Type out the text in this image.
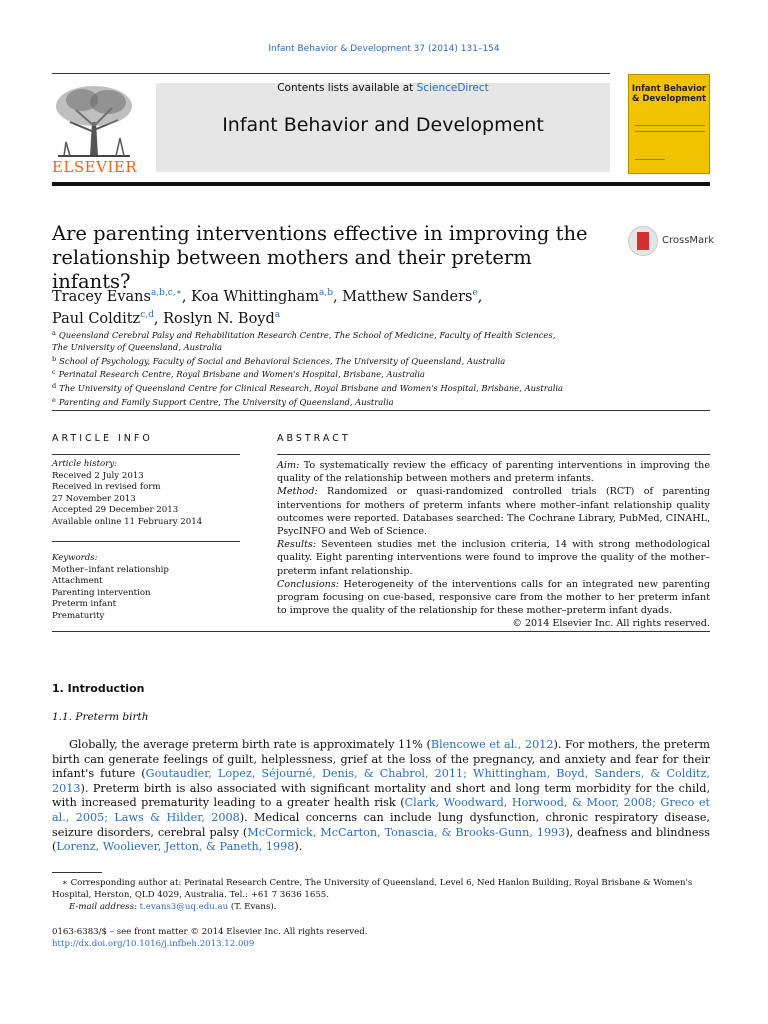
Infant Behavior & Development 37 (2014) 131–154
Contents lists available at ScienceDirect
Infant Behavior and Development
ELSEVIER
Infant Behavior & Development
Are parenting interventions effective in improving the relationship between mothers and their preterm infants?
CrossMark
Tracey Evans$^{a,b,c,∗}$, Koa Whittingham$^{a,b}$, Matthew Sanders$^e$,
Paul Colditz$^{c,d}$, Roslyn N. Boyd$^a$
$^a$ Queensland Cerebral Palsy and Rehabilitation Research Centre, The School of Medicine, Faculty of Health Sciences,
The University of Queensland, Australia
$^b$ School of Psychology, Faculty of Social and Behavioral Sciences, The University of Queensland, Australia
$^c$ Perinatal Research Centre, Royal Brisbane and Women's Hospital, Brisbane, Australia
$^d$ The University of Queensland Centre for Clinical Research, Royal Brisbane and Women's Hospital, Brisbane, Australia
$^e$ Parenting and Family Support Centre, The University of Queensland, Australia
ARTICLE INFO	ABSTRACT
Article history:
Received 2 July 2013
Received in revised form
27 November 2013
Accepted 29 December 2013
Available online 11 February 2014
Keywords:
Mother–infant relationship
Attachment
Parenting intervention
Preterm infant
Prematurity
Aim: To systematically review the efficacy of parenting interventions in improving the quality of the relationship between mothers and preterm infants.
Method: Randomized or quasi-randomized controlled trials (RCT) of parenting interventions for mothers of preterm infants where mother–infant relationship quality outcomes were reported. Databases searched: The Cochrane Library, PubMed, CINAHL, PsycINFO and Web of Science.
Results: Seventeen studies met the inclusion criteria, 14 with strong methodological quality. Eight parenting interventions were found to improve the quality of the mother–preterm infant relationship.
Conclusions: Heterogeneity of the interventions calls for an integrated new parenting program focusing on cue-based, responsive care from the mother to her preterm infant to improve the quality of the relationship for these mother–preterm infant dyads.
© 2014 Elsevier Inc. All rights reserved.
1. Introduction
1.1. Preterm birth
Globally, the average preterm birth rate is approximately 11% (Blencowe et al., 2012). For mothers, the preterm birth can generate feelings of guilt, helplessness, grief at the loss of the pregnancy, and anxiety and fear for their infant's future (Goutaudier, Lopez, Séjourné, Denis, & Chabrol, 2011; Whittingham, Boyd, Sanders, & Colditz, 2013). Preterm birth is also associated with significant mortality and short and long term morbidity for the child, with increased prematurity leading to a greater health risk (Clark, Woodward, Horwood, & Moor, 2008; Greco et al., 2005; Laws & Hilder, 2008). Medical concerns can include lung dysfunction, chronic respiratory disease, seizure disorders, cerebral palsy (McCormick, McCarton, Tonascia, & Brooks-Gunn, 1993), deafness and blindness (Lorenz, Wooliever, Jetton, & Paneth, 1998).
∗ Corresponding author at: Perinatal Research Centre, The University of Queensland, Level 6, Ned Hanlon Building, Royal Brisbane & Women's Hospital, Herston, QLD 4029, Australia. Tel.: +61 7 3636 1655.
E-mail address: t.evans3@uq.edu.au (T. Evans).
0163-6383/$ – see front matter © 2014 Elsevier Inc. All rights reserved.
http://dx.doi.org/10.1016/j.infbeh.2013.12.009
